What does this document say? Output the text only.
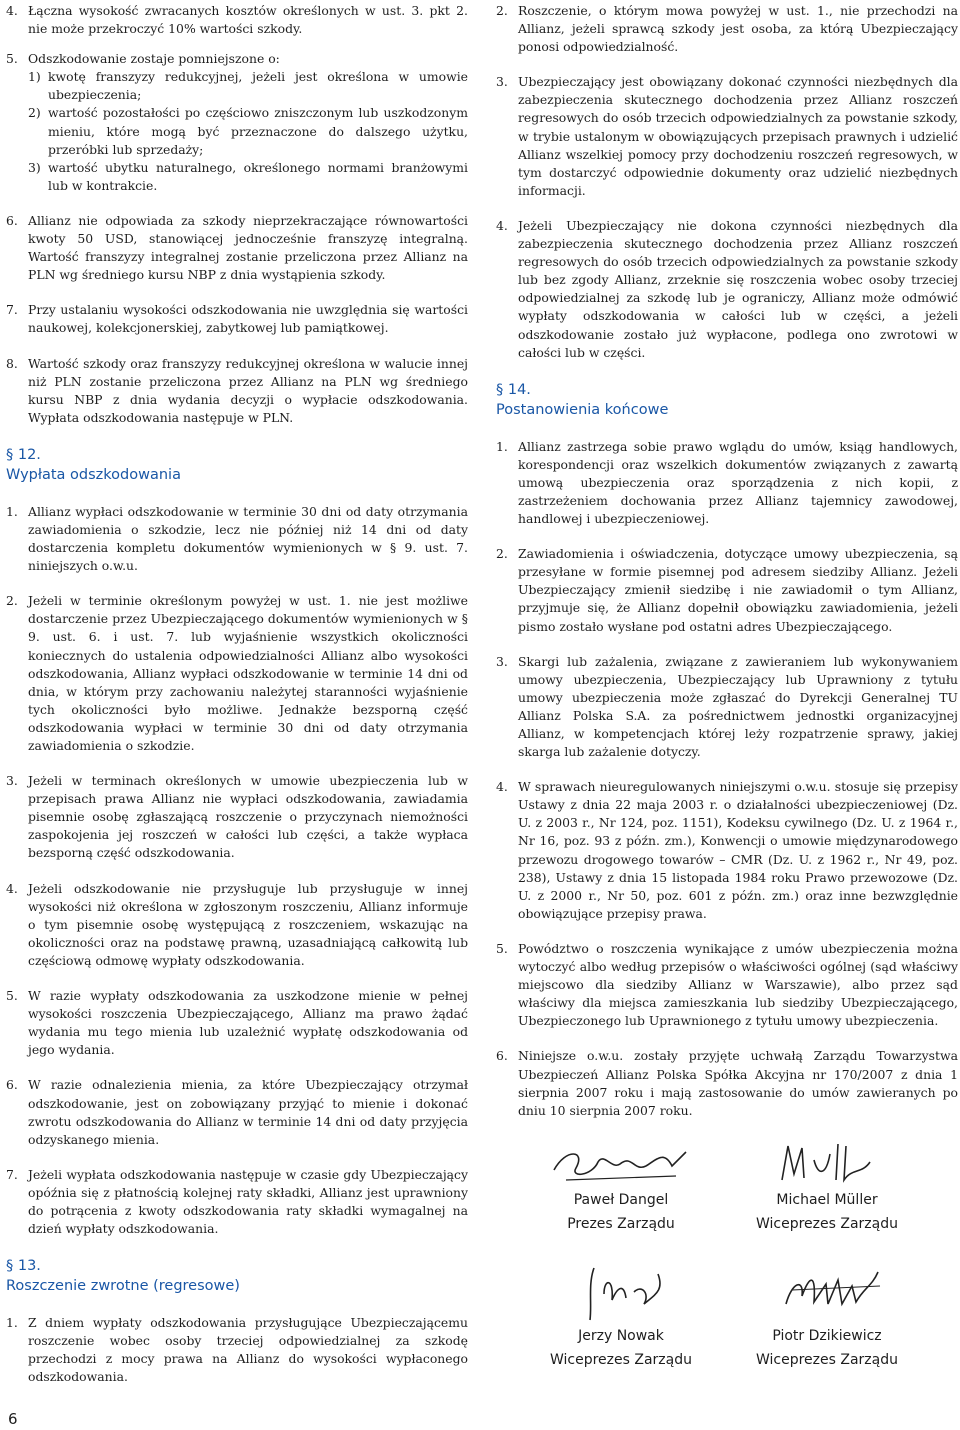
4. Łączna wysokość zwracanych kosztów określonych w ust. 3. pkt 2. nie może przekroczyć 10% wartości szkody.

5. Odszkodowanie zostaje pomniejszone o:

1) kwotę franszyzy redukcyjnej, jeżeli jest określona w umowie ubezpieczenia;
2) wartość pozostałości po częściowo zniszczonym lub uszkodzonym mieniu, które mogą być przeznaczone do dalszego użytku, przeróbki lub sprzedaży;
3) wartość ubytku naturalnego, określonego normami branżowymi lub w kontrakcie.

6. Allianz nie odpowiada za szkody nieprzekraczające równowartości kwoty 50 USD, stanowiącej jednocześnie franszyzę integralną. Wartość franszyzy integralnej zostanie przeliczona przez Allianz na PLN wg średniego kursu NBP z dnia wystąpienia szkody.

7. Przy ustalaniu wysokości odszkodowania nie uwzględnia się wartości naukowej, kolekcjonerskiej, zabytkowej lub pamiątkowej.

8. Wartość szkody oraz franszyzy redukcyjnej określona w walucie innej niż PLN zostanie przeliczona przez Allianz na PLN wg średniego kursu NBP z dnia wydania decyzji o wypłacie odszkodowania. Wypłata odszkodowania następuje w PLN.

§ 12.
Wypłata odszkodowania

1. Allianz wypłaci odszkodowanie w terminie 30 dni od daty otrzymania zawiadomienia o szkodzie, lecz nie później niż 14 dni od daty dostarczenia kompletu dokumentów wymienionych w § 9. ust. 7. niniejszych o.w.u.

2. Jeżeli w terminie określonym powyżej w ust. 1. nie jest możliwe dostarczenie przez Ubezpieczającego dokumentów wymienionych w § 9. ust. 6. i ust. 7. lub wyjaśnienie wszystkich okoliczności koniecznych do ustalenia odpowiedzialności Allianz albo wysokości odszkodowania, Allianz wypłaci odszkodowanie w terminie 14 dni od dnia, w którym przy zachowaniu należytej staranności wyjaśnienie tych okoliczności było możliwe. Jednakże bezsporną część odszkodowania wypłaci w terminie 30 dni od daty otrzymania zawiadomienia o szkodzie.

3. Jeżeli w terminach określonych w umowie ubezpieczenia lub w przepisach prawa Allianz nie wypłaci odszkodowania, zawiadamia pisemnie osobę zgłaszającą roszczenie o przyczynach niemożności zaspokojenia jej roszczeń w całości lub części, a także wypłaca bezsporną część odszkodowania.

4. Jeżeli odszkodowanie nie przysługuje lub przysługuje w innej wysokości niż określona w zgłoszonym roszczeniu, Allianz informuje o tym pisemnie osobę występującą z roszczeniem, wskazując na okoliczności oraz na podstawę prawną, uzasadniającą całkowitą lub częściową odmowę wypłaty odszkodowania.

5. W razie wypłaty odszkodowania za uszkodzone mienie w pełnej wysokości roszczenia Ubezpieczającego, Allianz ma prawo żądać wydania mu tego mienia lub uzależnić wypłatę odszkodowania od jego wydania.

6. W razie odnalezienia mienia, za które Ubezpieczający otrzymał odszkodowanie, jest on zobowiązany przyjąć to mienie i dokonać zwrotu odszkodowania do Allianz w terminie 14 dni od daty przyjęcia odzyskanego mienia.

7. Jeżeli wypłata odszkodowania następuje w czasie gdy Ubezpieczający opóźnia się z płatnością kolejnej raty składki, Allianz jest uprawniony do potrącenia z kwoty odszkodowania raty składki wymagalnej na dzień wypłaty odszkodowania.

§ 13.
Roszczenie zwrotne (regresowe)

1. Z dniem wypłaty odszkodowania przysługujące Ubezpieczającemu roszczenie wobec osoby trzeciej odpowiedzialnej za szkodę przechodzi z mocy prawa na Allianz do wysokości wypłaconego odszkodowania.

2. Roszczenie, o którym mowa powyżej w ust. 1., nie przechodzi na Allianz, jeżeli sprawcą szkody jest osoba, za którą Ubezpieczający ponosi odpowiedzialność.

3. Ubezpieczający jest obowiązany dokonać czynności niezbędnych dla zabezpieczenia skutecznego dochodzenia przez Allianz roszczeń regresowych do osób trzecich odpowiedzialnych za powstanie szkody, w trybie ustalonym w obowiązujących przepisach prawnych i udzielić Allianz wszelkiej pomocy przy dochodzeniu roszczeń regresowych, w tym dostarczyć odpowiednie dokumenty oraz udzielić niezbędnych informacji.

4. Jeżeli Ubezpieczający nie dokona czynności niezbędnych dla zabezpieczenia skutecznego dochodzenia przez Allianz roszczeń regresowych do osób trzecich odpowiedzialnych za powstanie szkody lub bez zgody Allianz, zrzeknie się roszczenia wobec osoby trzeciej odpowiedzialnej za szkodę lub je ograniczy, Allianz może odmówić wypłaty odszkodowania w całości lub w części, a jeżeli odszkodowanie zostało już wypłacone, podlega ono zwrotowi w całości lub w części.

§ 14.
Postanowienia końcowe

1. Allianz zastrzega sobie prawo wglądu do umów, ksiąg handlowych, korespondencji oraz wszelkich dokumentów związanych z zawartą umową ubezpieczenia oraz sporządzenia z nich kopii, z zastrzeżeniem dochowania przez Allianz tajemnicy zawodowej, handlowej i ubezpieczeniowej.

2. Zawiadomienia i oświadczenia, dotyczące umowy ubezpieczenia, są przesyłane w formie pisemnej pod adresem siedziby Allianz. Jeżeli Ubezpieczający zmienił siedzibę i nie zawiadomił o tym Allianz, przyjmuje się, że Allianz dopełnił obowiązku zawiadomienia, jeżeli pismo zostało wysłane pod ostatni adres Ubezpieczającego.

3. Skargi lub zażalenia, związane z zawieraniem lub wykonywaniem umowy ubezpieczenia, Ubezpieczający lub Uprawniony z tytułu umowy ubezpieczenia może zgłaszać do Dyrekcji Generalnej TU Allianz Polska S.A. za pośrednictwem jednostki organizacyjnej Allianz, w kompetencjach której leży rozpatrzenie sprawy, jakiej skarga lub zażalenie dotyczy.

4. W sprawach nieuregulowanych niniejszymi o.w.u. stosuje się przepisy Ustawy z dnia 22 maja 2003 r. o działalności ubezpieczeniowej (Dz. U. z 2003 r., Nr 124, poz. 1151), Kodeksu cywilnego (Dz. U. z 1964 r., Nr 16, poz. 93 z późn. zm.), Konwencji o umowie międzynarodowego przewozu drogowego towarów – CMR (Dz. U. z 1962 r., Nr 49, poz. 238), Ustawy z dnia 15 listopada 1984 roku Prawo przewozowe (Dz. U. z 2000 r., Nr 50, poz. 601 z późn. zm.) oraz inne bezwzględnie obowiązujące przepisy prawa.

5. Powództwo o roszczenia wynikające z umów ubezpieczenia można wytoczyć albo według przepisów o właściwości ogólnej (sąd właściwy miejscowo dla siedziby Allianz w Warszawie), albo przez sąd właściwy dla miejsca zamieszkania lub siedziby Ubezpieczającego, Ubezpieczonego lub Uprawnionego z tytułu umowy ubezpieczenia.

6. Niniejsze o.w.u. zostały przyjęte uchwałą Zarządu Towarzystwa Ubezpieczeń Allianz Polska Spółka Akcyjna nr 170/2007 z dnia 1 sierpnia 2007 roku i mają zastosowanie do umów zawieranych po dniu 10 sierpnia 2007 roku.

Paweł Dangel
Prezes Zarządu
Michael Müller
Wiceprezes Zarządu
Jerzy Nowak
Wiceprezes Zarządu
Piotr Dzikiewicz
Wiceprezes Zarządu
6
